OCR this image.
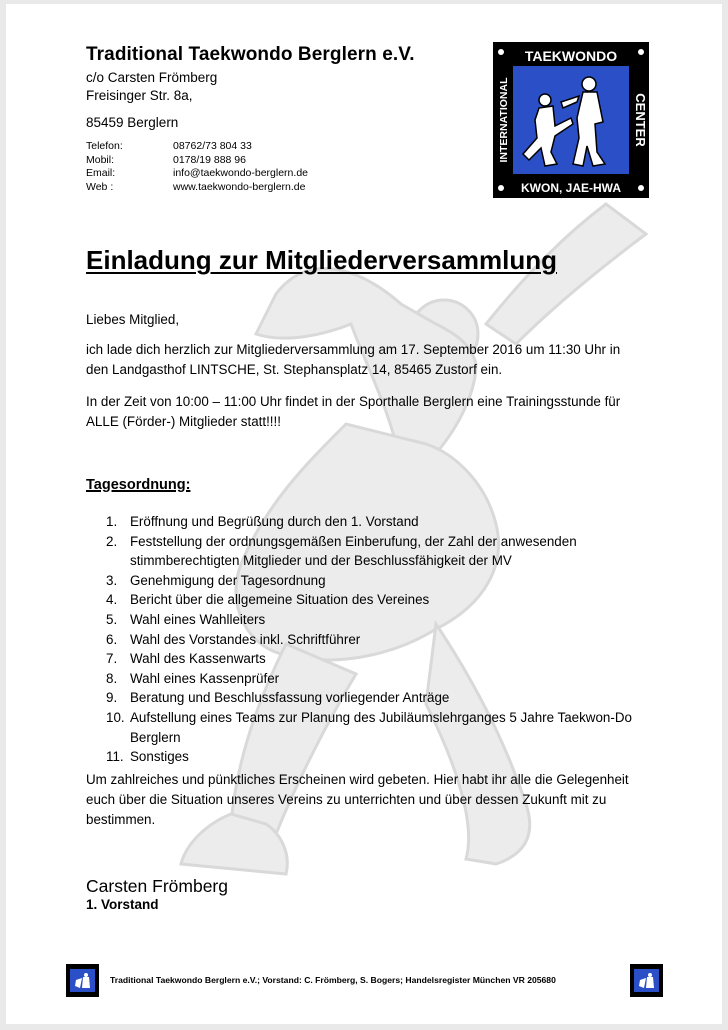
Traditional Taekwondo Berglern e.V.
c/o Carsten Frömberg
Freisinger Str. 8a,
85459 Berglern
Telefon:	08762/73 804 33
Mobil:	0178/19 888 96
Email:	info@taekwondo-berglern.de
Web :	www.taekwondo-berglern.de
TAEKWONDO
KWON, JAE-HWA
INTERNATIONAL	CENTER
Einladung zur Mitgliederversammlung
Liebes Mitglied,
ich lade dich herzlich zur Mitgliederversammlung am 17. September 2016 um 11:30 Uhr in den Landgasthof LINTSCHE, St. Stephansplatz 14, 85465 Zustorf ein.
In der Zeit von 10:00 – 11:00 Uhr findet in der Sporthalle Berglern eine Trainingsstunde für ALLE (Förder-) Mitglieder statt!!!!
Tagesordnung:
1. Eröffnung und Begrüßung durch den 1. Vorstand
2. Feststellung der ordnungsgemäßen Einberufung, der Zahl der anwesenden stimmberechtigten Mitglieder und der Beschlussfähigkeit der MV
3. Genehmigung der Tagesordnung
4. Bericht über die allgemeine Situation des Vereines
5. Wahl eines Wahlleiters
6. Wahl des Vorstandes inkl. Schriftführer
7. Wahl des Kassenwarts
8. Wahl eines Kassenprüfer
9. Beratung und Beschlussfassung vorliegender Anträge
10. Aufstellung eines Teams zur Planung des Jubiläumslehrganges 5 Jahre Taekwon-Do Berglern
11. Sonstiges
Um zahlreiches und pünktliches Erscheinen wird gebeten. Hier habt ihr alle die Gelegenheit euch über die Situation unseres Vereins zu unterrichten und über dessen Zukunft mit zu bestimmen.
Carsten Frömberg
1. Vorstand
Traditional Taekwondo Berglern e.V.; Vorstand: C. Frömberg, S. Bogers; Handelsregister München VR 205680
